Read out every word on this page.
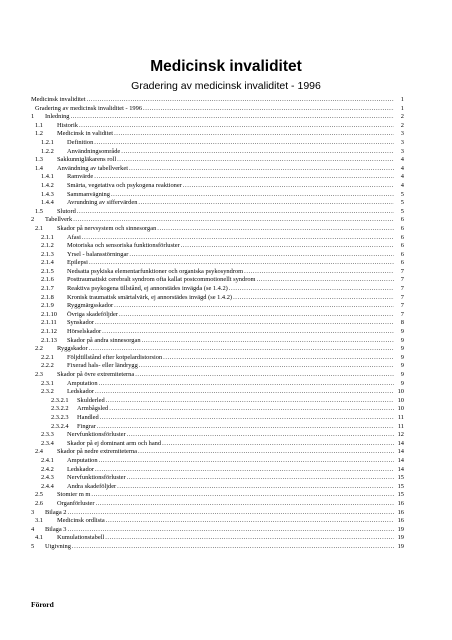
Medicinsk invaliditet
Gradering av medicinsk invaliditet - 1996
Medicinsk invaliditet .....	1
Gradering av medicinsk invaliditet - 1996 .....	1
1 Inledning .....	2
1.1 Historik .....	2
1.2 Medicinsk in validitet .....	3
1.2.1 Definition .....	3
1.2.2 Användningsområde .....	3
1.3 Sakkunnigläkarens roll .....	4
1.4 Användning av tabellverket .....	4
1.4.1 Ramvärde .....	4
1.4.2 Smärta, vegetativa och psykogena reaktioner .....	4
1.4.3 Sammanvägning .....	5
1.4.4 Avrundning av siffervärden .....	5
1.5 Slutord .....	5
2 Tabellverk .....	6
2.1 Skador på nervsystem och sinnesorgan .....	6
2.1.1 Afasi .....	6
2.1.2 Motoriska och sensoriska funktionsförluster .....	6
2.1.3 Yrsel - balansstörningar .....	6
2.1.4 Epilepsi .....	6
2.1.5 Nedsatta psykiska elementarfunktioner och organiska psykosyndrom .....	7
2.1.6 Posttraumatiskt cerebralt syndrom ofta kallat postcommotionellt syndrom .....	7
2.1.7 Reaktiva psykogena tillstånd, ej annorstädes invägda (se 1.4.2) .....	7
2.1.8 Kronisk traumatisk smärtalvärk, ej annorstädes invägd (se 1.4.2) .....	7
2.1.9 Ryggmärgsskador .....	7
2.1.10 Övriga skadeföljder .....	7
2.1.11 Synskador .....	8
2.1.12 Hörselskador .....	9
2.1.13 Skador på andra sinnesorgan .....	9
2.2 Ryggskador .....	9
2.2.1 Följdtillstånd efter kotpelardistorsion .....	9
2.2.2 Fixerad hals- eller ländrygg .....	9
2.3 Skador på övre extremiteterna .....	9
2.3.1 Amputation .....	9
2.3.2 Ledskador .....	10
2.3.2.1 Skulderled .....	10
2.3.2.2 Armbågsled .....	10
2.3.2.3 Handled .....	11
2.3.2.4 Fingrar .....	11
2.3.3 Nervfunktionsförluster .....	12
2.3.4 Skador på ej dominant arm och hand .....	14
2.4 Skador på nedre extremiteterna .....	14
2.4.1 Amputation .....	14
2.4.2 Ledskador .....	14
2.4.3 Nervfunktionsförluster .....	15
2.4.4 Andra skadeföljder .....	15
2.5 Stomier m m .....	15
2.6 Organförluster .....	16
3 Bilaga 2 .....	16
3.1 Medicinsk ordlista .....	16
4 Bilaga 3 .....	19
4.1 Kumulationstabell .....	19
5 Utgivning .....	19
Förord
